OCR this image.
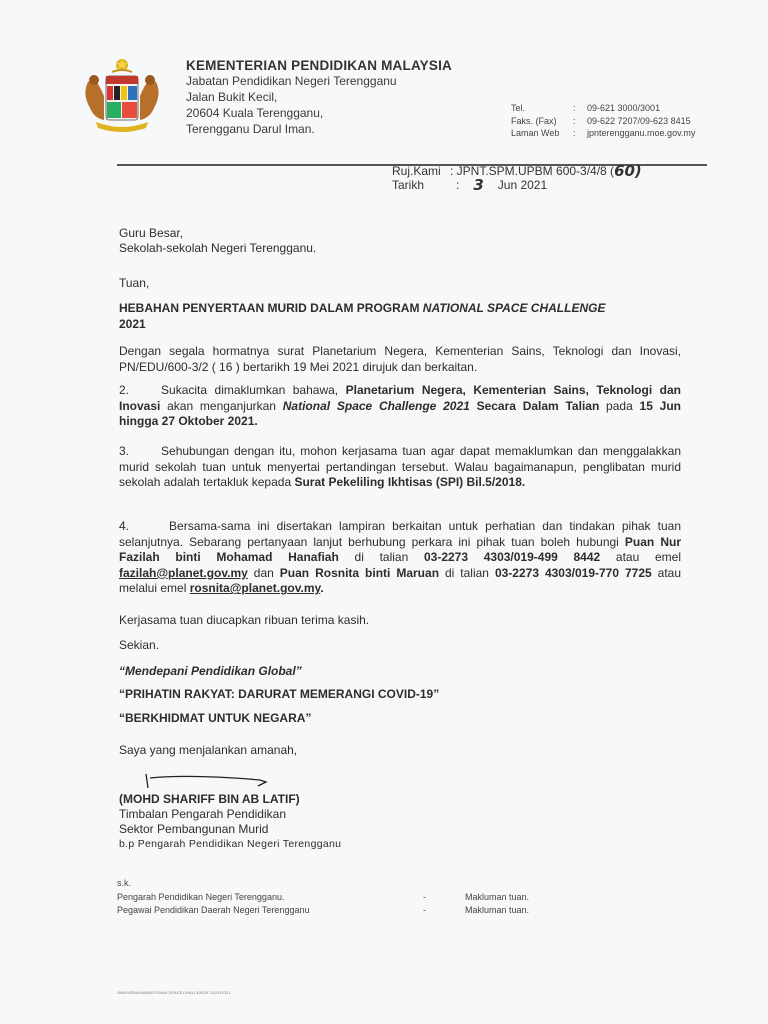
KEMENTERIAN PENDIDIKAN MALAYSIA
Jabatan Pendidikan Negeri Terengganu
Jalan Bukit Kecil,
20604 Kuala Terengganu,
Terengganu Darul Iman.
Tel.	:	09-621 3000/3001
Faks. (Fax)	:	09-622 7207/09-623 8415
Laman Web	:	jpnterengganu.moe.gov.my
Ruj.Kami : JPNT.SPM.UPBM 600-3/4/8 ( 60)
Tarikh	: 3 Jun 2021
Guru Besar,
Sekolah-sekolah Negeri Terengganu.
Tuan,
HEBAHAN PENYERTAAN MURID DALAM PROGRAM NATIONAL SPACE CHALLENGE
2021
Dengan segala hormatnya surat Planetarium Negera, Kementerian Sains, Teknologi dan Inovasi, PN/EDU/600-3/2 ( 16 ) bertarikh 19 Mei 2021 dirujuk dan berkaitan.
2.	Sukacita dimaklumkan bahawa, Planetarium Negera, Kementerian Sains, Teknologi dan Inovasi akan menganjurkan National Space Challenge 2021 Secara Dalam Talian pada 15 Jun hingga 27 Oktober 2021.
3.	Sehubungan dengan itu, mohon kerjasama tuan agar dapat memaklumkan dan menggalakkan murid sekolah tuan untuk menyertai pertandingan tersebut. Walau bagaimanapun, penglibatan murid sekolah adalah tertakluk kepada Surat Pekeliling Ikhtisas (SPI) Bil.5/2018.
4.	Bersama-sama ini disertakan lampiran berkaitan untuk perhatian dan tindakan pihak tuan selanjutnya. Sebarang pertanyaan lanjut berhubung perkara ini pihak tuan boleh hubungi Puan Nur Fazilah binti Mohamad Hanafiah di talian 03-2273 4303/019-499 8442 atau emel fazilah@planet.gov.my dan Puan Rosnita binti Maruan di talian 03-2273 4303/019-770 7725 atau melalui emel rosnita@planet.gov.my.
Kerjasama tuan diucapkan ribuan terima kasih.
Sekian.
“Mendepani Pendidikan Global”
“PRIHATIN RAKYAT: DARURAT MEMERANGI COVID-19”
“BERKHIDMAT UNTUK NEGARA”
Saya yang menjalankan amanah,
(MOHD SHARIFF BIN AB LATIF)
Timbalan Pengarah Pendidikan
Sektor Pembangunan Murid
b.p Pengarah Pendidikan Negeri Terengganu
s.k.
Pengarah Pendidikan Negeri Terengganu.	-	Makluman tuan.
Pegawai Pendidikan Daerah Negeri Terengganu	-	Makluman tuan.
JNB/HEBAHANNATIONALSPACECHALLENGE 2021/2021
